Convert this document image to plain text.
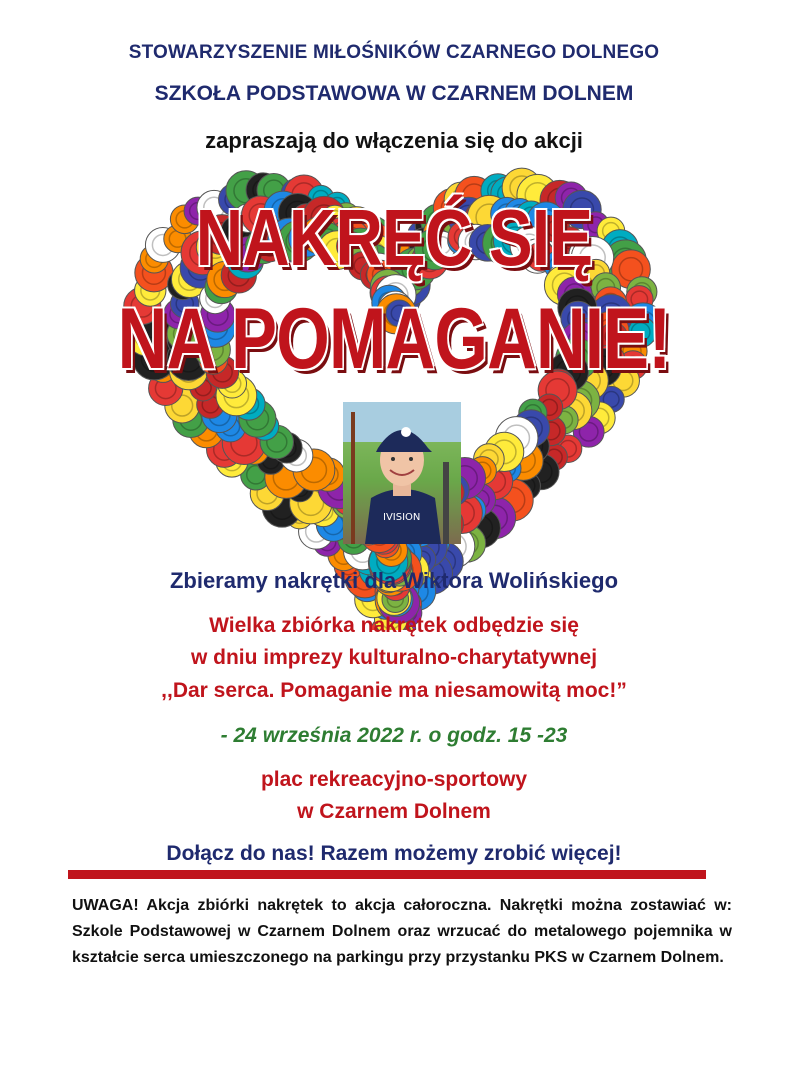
STOWARZYSZENIE MIŁOŚNIKÓW CZARNEGO DOLNEGO
SZKOŁA PODSTAWOWA W CZARNEM DOLNEM
zapraszają do włączenia się do akcji
NAKRĘĆ SIĘ
NA POMAGANIE!
IVISION
Zbieramy nakrętki dla Wiktora Wolińskiego
Wielka zbiórka nakrętek odbędzie się
w dniu imprezy kulturalno-charytatywnej
,,Dar serca. Pomaganie ma niesamowitą moc!”
- 24 września 2022 r. o godz. 15 -23
plac rekreacyjno-sportowy
w Czarnem Dolnem
Dołącz do nas! Razem możemy zrobić więcej!
UWAGA! Akcja zbiórki nakrętek to akcja całoroczna. Nakrętki można zostawiać w: Szkole Podstawowej w Czarnem Dolnem oraz wrzucać do metalowego pojemnika w kształcie serca umieszczonego na parkingu przy przystanku PKS w Czarnem Dolnem.
